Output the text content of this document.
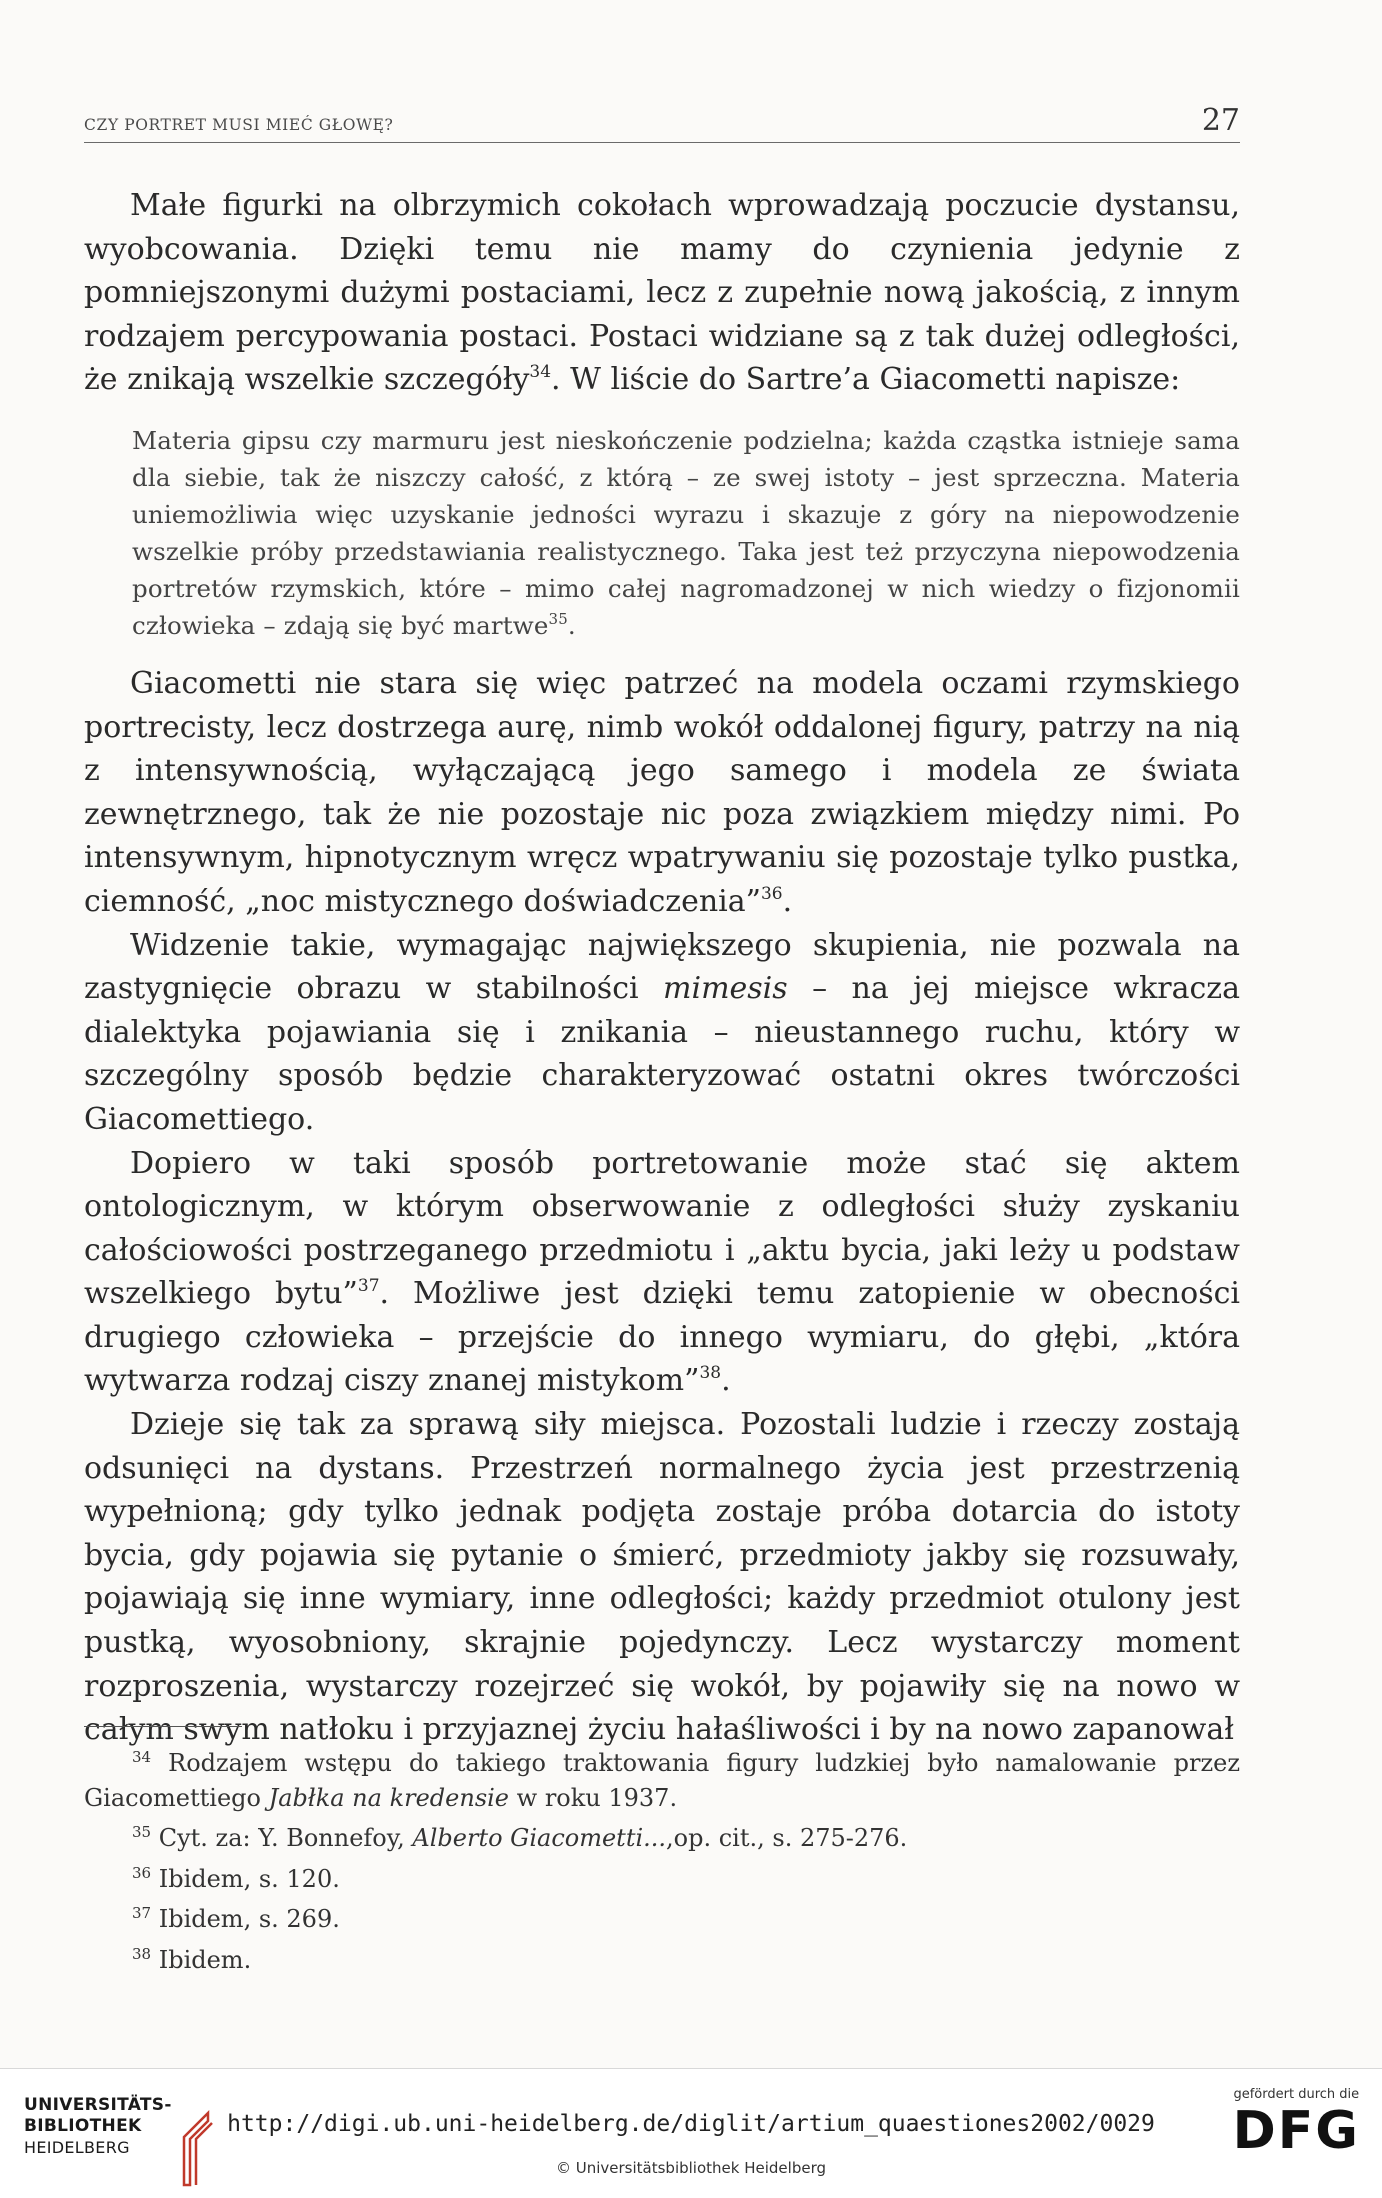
CZY PORTRET MUSI MIEĆ GŁOWĘ?	27

Małe figurki na olbrzymich cokołach wprowadzają poczucie dystansu, wyobcowania. Dzięki temu nie mamy do czynienia jedynie z pomniejszonymi dużymi postaciami, lecz z zupełnie nową jakością, z innym rodzajem percypowania postaci. Postaci widziane są z tak dużej odległości, że znikają wszelkie szczegóły$^{34}$. W liście do Sartre’a Giacometti napisze:

Materia gipsu czy marmuru jest nieskończenie podzielna; każda cząstka istnieje sama dla siebie, tak że niszczy całość, z którą – ze swej istoty – jest sprzeczna. Materia uniemożliwia więc uzyskanie jedności wyrazu i skazuje z góry na niepowodzenie wszelkie próby przedstawiania realistycznego. Taka jest też przyczyna niepowodzenia portretów rzymskich, które – mimo całej nagromadzonej w nich wiedzy o fizjonomii człowieka – zdają się być martwe$^{35}$.

Giacometti nie stara się więc patrzeć na modela oczami rzymskiego portrecisty, lecz dostrzega aurę, nimb wokół oddalonej figury, patrzy na nią z intensywnością, wyłączającą jego samego i modela ze świata zewnętrznego, tak że nie pozostaje nic poza związkiem między nimi. Po intensywnym, hipnotycznym wręcz wpatrywaniu się pozostaje tylko pustka, ciemność, „noc mistycznego doświadczenia”$^{36}$.

Widzenie takie, wymagając największego skupienia, nie pozwala na zastygnięcie obrazu w stabilności mimesis – na jej miejsce wkracza dialektyka pojawiania się i znikania – nieustannego ruchu, który w szczególny sposób będzie charakteryzować ostatni okres twórczości Giacomettiego.

Dopiero w taki sposób portretowanie może stać się aktem ontologicznym, w którym obserwowanie z odległości służy zyskaniu całościowości postrzeganego przedmiotu i „aktu bycia, jaki leży u podstaw wszelkiego bytu”$^{37}$. Możliwe jest dzięki temu zatopienie w obecności drugiego człowieka – przejście do innego wymiaru, do głębi, „która wytwarza rodzaj ciszy znanej mistykom”$^{38}$.

Dzieje się tak za sprawą siły miejsca. Pozostali ludzie i rzeczy zostają odsunięci na dystans. Przestrzeń normalnego życia jest przestrzenią wypełnioną; gdy tylko jednak podjęta zostaje próba dotarcia do istoty bycia, gdy pojawia się pytanie o śmierć, przedmioty jakby się rozsuwały, pojawiają się inne wymiary, inne odległości; każdy przedmiot otulony jest pustką, wyosobniony, skrajnie pojedynczy. Lecz wystarczy moment rozproszenia, wystarczy rozejrzeć się wokół, by pojawiły się na nowo w całym swym natłoku i przyjaznej życiu hałaśliwości i by na nowo zapanował

$^{34}$ Rodzajem wstępu do takiego traktowania figury ludzkiej było namalowanie przez Giacomettiego Jabłka na kredensie w roku 1937.

$^{35}$ Cyt. za: Y. Bonnefoy, Alberto Giacometti...,op. cit., s. 275-276.

$^{36}$ Ibidem, s. 120.

$^{37}$ Ibidem, s. 269.

$^{38}$ Ibidem.

UNIVERSITÄTS-
BIBLIOTHEK
HEIDELBERG
http://digi.ub.uni-heidelberg.de/diglit/artium_quaestiones2002/0029
© Universitätsbibliothek Heidelberg
gefördert durch die
DFG
